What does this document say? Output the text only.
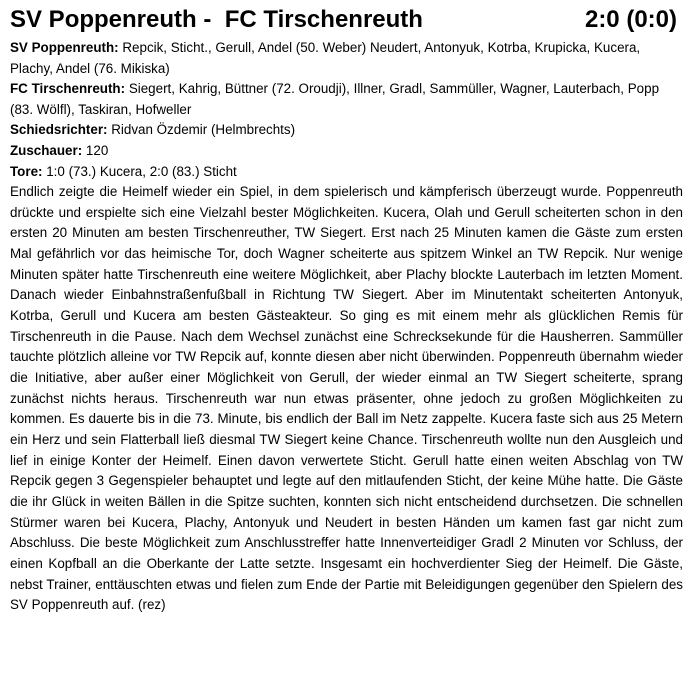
SV Poppenreuth - FC Tirschenreuth	2:0 (0:0)
SV Poppenreuth: Repcik, Sticht., Gerull, Andel (50. Weber) Neudert, Antonyuk, Kotrba, Krupicka, Kucera, Plachy, Andel (76. Mikiska)
FC Tirschenreuth: Siegert, Kahrig, Büttner (72. Oroudji), Illner, Gradl, Sammüller, Wagner, Lauterbach, Popp (83. Wölfl), Taskiran, Hofweller
Schiedsrichter: Ridvan Özdemir (Helmbrechts)
Zuschauer: 120
Tore: 1:0 (73.) Kucera, 2:0 (83.) Sticht

Endlich zeigte die Heimelf wieder ein Spiel, in dem spielerisch und kämpferisch überzeugt wurde. Poppenreuth drückte und erspielte sich eine Vielzahl bester Möglichkeiten. Kucera, Olah und Gerull scheiterten schon in den ersten 20 Minuten am besten Tirschenreuther, TW Siegert. Erst nach 25 Minuten kamen die Gäste zum ersten Mal gefährlich vor das heimische Tor, doch Wagner scheiterte aus spitzem Winkel an TW Repcik. Nur wenige Minuten später hatte Tirschenreuth eine weitere Möglichkeit, aber Plachy blockte Lauterbach im letzten Moment. Danach wieder Einbahnstraßenfußball in Richtung TW Siegert. Aber im Minutentakt scheiterten Antonyuk, Kotrba, Gerull und Kucera am besten Gästeakteur. So ging es mit einem mehr als glücklichen Remis für Tirschenreuth in die Pause. Nach dem Wechsel zunächst eine Schrecksekunde für die Hausherren. Sammüller tauchte plötzlich alleine vor TW Repcik auf, konnte diesen aber nicht überwinden. Poppenreuth übernahm wieder die Initiative, aber außer einer Möglichkeit von Gerull, der wieder einmal an TW Siegert scheiterte, sprang zunächst nichts heraus. Tirschenreuth war nun etwas präsenter, ohne jedoch zu großen Möglichkeiten zu kommen. Es dauerte bis in die 73. Minute, bis endlich der Ball im Netz zappelte. Kucera faste sich aus 25 Metern ein Herz und sein Flatterball ließ diesmal TW Siegert keine Chance. Tirschenreuth wollte nun den Ausgleich und lief in einige Konter der Heimelf. Einen davon verwertete Sticht. Gerull hatte einen weiten Abschlag von TW Repcik gegen 3 Gegenspieler behauptet und legte auf den mitlaufenden Sticht, der keine Mühe hatte. Die Gäste die ihr Glück in weiten Bällen in die Spitze suchten, konnten sich nicht entscheidend durchsetzen. Die schnellen Stürmer waren bei Kucera, Plachy, Antonyuk und Neudert in besten Händen um kamen fast gar nicht zum Abschluss. Die beste Möglichkeit zum Anschlusstreffer hatte Innenverteidiger Gradl 2 Minuten vor Schluss, der einen Kopfball an die Oberkante der Latte setzte. Insgesamt ein hochverdienter Sieg der Heimelf. Die Gäste, nebst Trainer, enttäuschten etwas und fielen zum Ende der Partie mit Beleidigungen gegenüber den Spielern des SV Poppenreuth auf. (rez)
